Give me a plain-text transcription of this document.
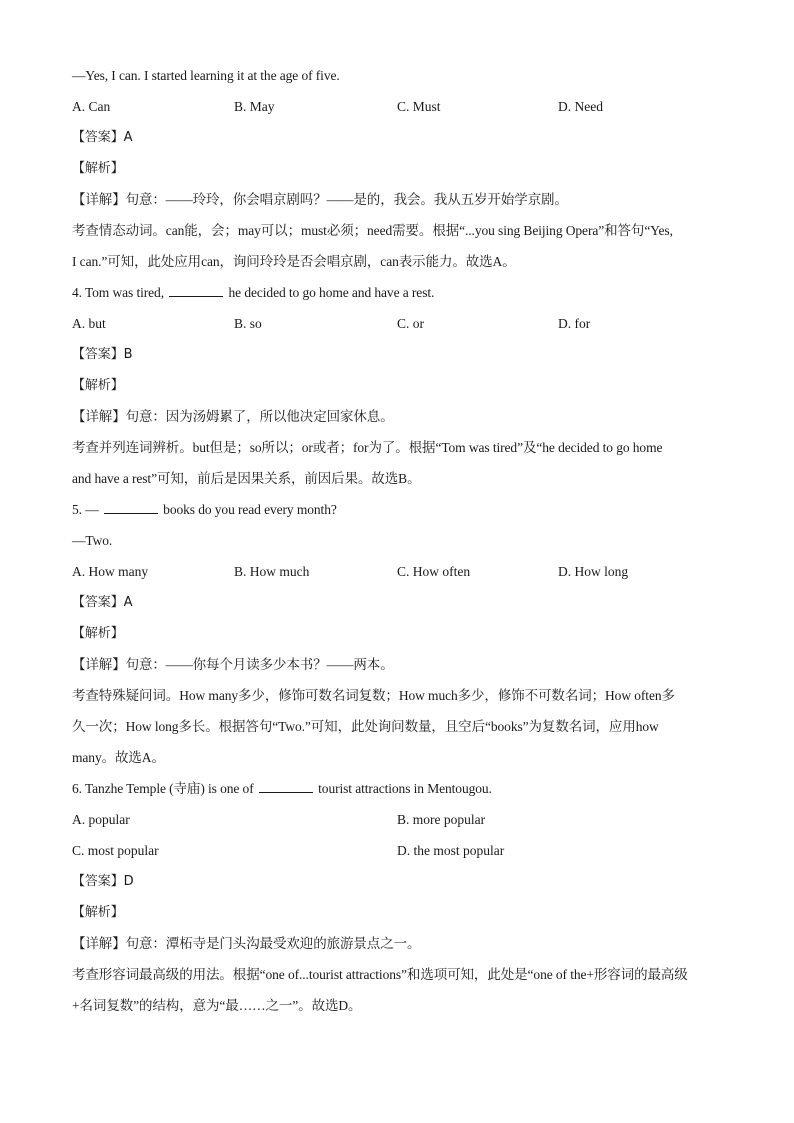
—Yes, I can. I started learning it at the age of five.
A. Can	B. May	C. Must	D. Need
【答案】A
【解析】
【详解】句意：——玲玲，你会唱京剧吗？——是的，我会。我从五岁开始学京剧。
考查情态动词。can能，会；may可以；must必须；need需要。根据“...you sing Beijing Opera”和答句“Yes,
I can.”可知，此处应用can，询问玲玲是否会唱京剧，can表示能力。故选A。
4. Tom was tired,	he decided to go home and have a rest.
A. but	B. so	C. or	D. for
【答案】B
【解析】
【详解】句意：因为汤姆累了，所以他决定回家休息。
考查并列连词辨析。but但是；so所以；or或者；for为了。根据“Tom was tired”及“he decided to go home
and have a rest”可知，前后是因果关系，前因后果。故选B。
5. —	books do you read every month?
—Two.
A. How many	B. How much	C. How often	D. How long
【答案】A
【解析】
【详解】句意：——你每个月读多少本书？——两本。
考查特殊疑问词。How many多少，修饰可数名词复数；How much多少，修饰不可数名词；How often多
久一次；How long多长。根据答句“Two.”可知，此处询问数量，且空后“books”为复数名词，应用how
many。故选A。
6. Tanzhe Temple (寺庙) is one of	tourist attractions in Mentougou.
A. popular	B. more popular
C. most popular	D. the most popular
【答案】D
【解析】
【详解】句意：潭柘寺是门头沟最受欢迎的旅游景点之一。
考查形容词最高级的用法。根据“one of...tourist attractions”和选项可知，此处是“one of the+形容词的最高级
+名词复数”的结构，意为“最……之一”。故选D。
